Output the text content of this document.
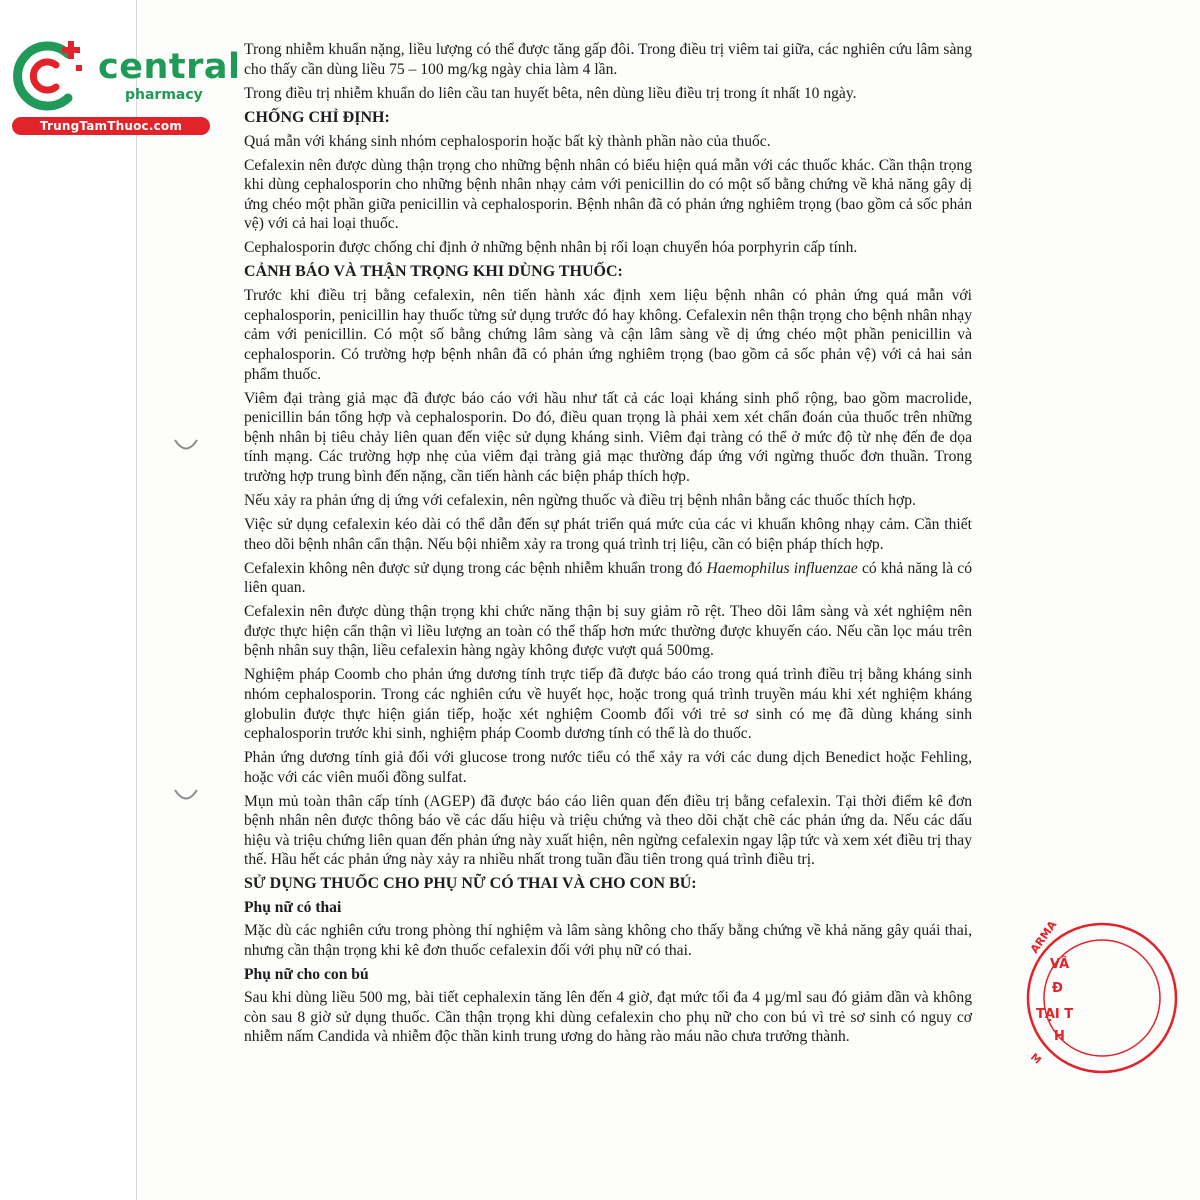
central
pharmacy
TrungTamThuoc.com
ARMA
VÃ
Đ
TẠI T
H
M

Trong nhiễm khuẩn nặng, liều lượng có thể được tăng gấp đôi. Trong điều trị viêm tai giữa, các nghiên cứu lâm sàng cho thấy cần dùng liều 75 – 100 mg/kg ngày chia làm 4 lần.

Trong điều trị nhiễm khuẩn do liên cầu tan huyết bêta, nên dùng liều điều trị trong ít nhất 10 ngày.

CHỐNG CHỈ ĐỊNH:

Quá mẫn với kháng sinh nhóm cephalosporin hoặc bất kỳ thành phần nào của thuốc.

Cefalexin nên được dùng thận trọng cho những bệnh nhân có biểu hiện quá mẫn với các thuốc khác. Cần thận trọng khi dùng cephalosporin cho những bệnh nhân nhạy cảm với penicillin do có một số bằng chứng về khả năng gây dị ứng chéo một phần giữa penicillin và cephalosporin. Bệnh nhân đã có phản ứng nghiêm trọng (bao gồm cả sốc phản vệ) với cả hai loại thuốc.

Cephalosporin được chống chỉ định ở những bệnh nhân bị rối loạn chuyển hóa porphyrin cấp tính.

CẢNH BÁO VÀ THẬN TRỌNG KHI DÙNG THUỐC:

Trước khi điều trị bằng cefalexin, nên tiến hành xác định xem liệu bệnh nhân có phản ứng quá mẫn với cephalosporin, penicillin hay thuốc từng sử dụng trước đó hay không. Cefalexin nên thận trọng cho bệnh nhân nhạy cảm với penicillin. Có một số bằng chứng lâm sàng và cận lâm sàng về dị ứng chéo một phần penicillin và cephalosporin. Có trường hợp bệnh nhân đã có phản ứng nghiêm trọng (bao gồm cả sốc phản vệ) với cả hai sản phẩm thuốc.

Viêm đại tràng giả mạc đã được báo cáo với hầu như tất cả các loại kháng sinh phổ rộng, bao gồm macrolide, penicillin bán tổng hợp và cephalosporin. Do đó, điều quan trọng là phải xem xét chẩn đoán của thuốc trên những bệnh nhân bị tiêu chảy liên quan đến việc sử dụng kháng sinh. Viêm đại tràng có thể ở mức độ từ nhẹ đến đe dọa tính mạng. Các trường hợp nhẹ của viêm đại tràng giả mạc thường đáp ứng với ngừng thuốc đơn thuần. Trong trường hợp trung bình đến nặng, cần tiến hành các biện pháp thích hợp.

Nếu xảy ra phản ứng dị ứng với cefalexin, nên ngừng thuốc và điều trị bệnh nhân bằng các thuốc thích hợp.

Việc sử dụng cefalexin kéo dài có thể dẫn đến sự phát triển quá mức của các vi khuẩn không nhạy cảm. Cần thiết theo dõi bệnh nhân cẩn thận. Nếu bội nhiễm xảy ra trong quá trình trị liệu, cần có biện pháp thích hợp.

Cefalexin không nên được sử dụng trong các bệnh nhiễm khuẩn trong đó Haemophilus influenzae có khả năng là có liên quan.

Cefalexin nên được dùng thận trọng khi chức năng thận bị suy giảm rõ rệt. Theo dõi lâm sàng và xét nghiệm nên được thực hiện cẩn thận vì liều lượng an toàn có thể thấp hơn mức thường được khuyến cáo. Nếu cần lọc máu trên bệnh nhân suy thận, liều cefalexin hàng ngày không được vượt quá 500mg.

Nghiệm pháp Coomb cho phản ứng dương tính trực tiếp đã được báo cáo trong quá trình điều trị bằng kháng sinh nhóm cephalosporin. Trong các nghiên cứu về huyết học, hoặc trong quá trình truyền máu khi xét nghiệm kháng globulin được thực hiện gián tiếp, hoặc xét nghiệm Coomb đối với trẻ sơ sinh có mẹ đã dùng kháng sinh cephalosporin trước khi sinh, nghiệm pháp Coomb dương tính có thể là do thuốc.

Phản ứng dương tính giả đối với glucose trong nước tiểu có thể xảy ra với các dung dịch Benedict hoặc Fehling, hoặc với các viên muối đồng sulfat.

Mụn mủ toàn thân cấp tính (AGEP) đã được báo cáo liên quan đến điều trị bằng cefalexin. Tại thời điểm kê đơn bệnh nhân nên được thông báo về các dấu hiệu và triệu chứng và theo dõi chặt chẽ các phản ứng da. Nếu các dấu hiệu và triệu chứng liên quan đến phản ứng này xuất hiện, nên ngừng cefalexin ngay lập tức và xem xét điều trị thay thế. Hầu hết các phản ứng này xảy ra nhiều nhất trong tuần đầu tiên trong quá trình điều trị.

SỬ DỤNG THUỐC CHO PHỤ NỮ CÓ THAI VÀ CHO CON BÚ:
Phụ nữ có thai

Mặc dù các nghiên cứu trong phòng thí nghiệm và lâm sàng không cho thấy bằng chứng về khả năng gây quái thai, nhưng cần thận trọng khi kê đơn thuốc cefalexin đối với phụ nữ có thai.

Phụ nữ cho con bú

Sau khi dùng liều 500 mg, bài tiết cephalexin tăng lên đến 4 giờ, đạt mức tối đa 4 µg/ml sau đó giảm dần và không còn sau 8 giờ sử dụng thuốc. Cần thận trọng khi dùng cefalexin cho phụ nữ cho con bú vì trẻ sơ sinh có nguy cơ nhiễm nấm Candida và nhiễm độc thần kinh trung ương do hàng rào máu não chưa trưởng thành.
